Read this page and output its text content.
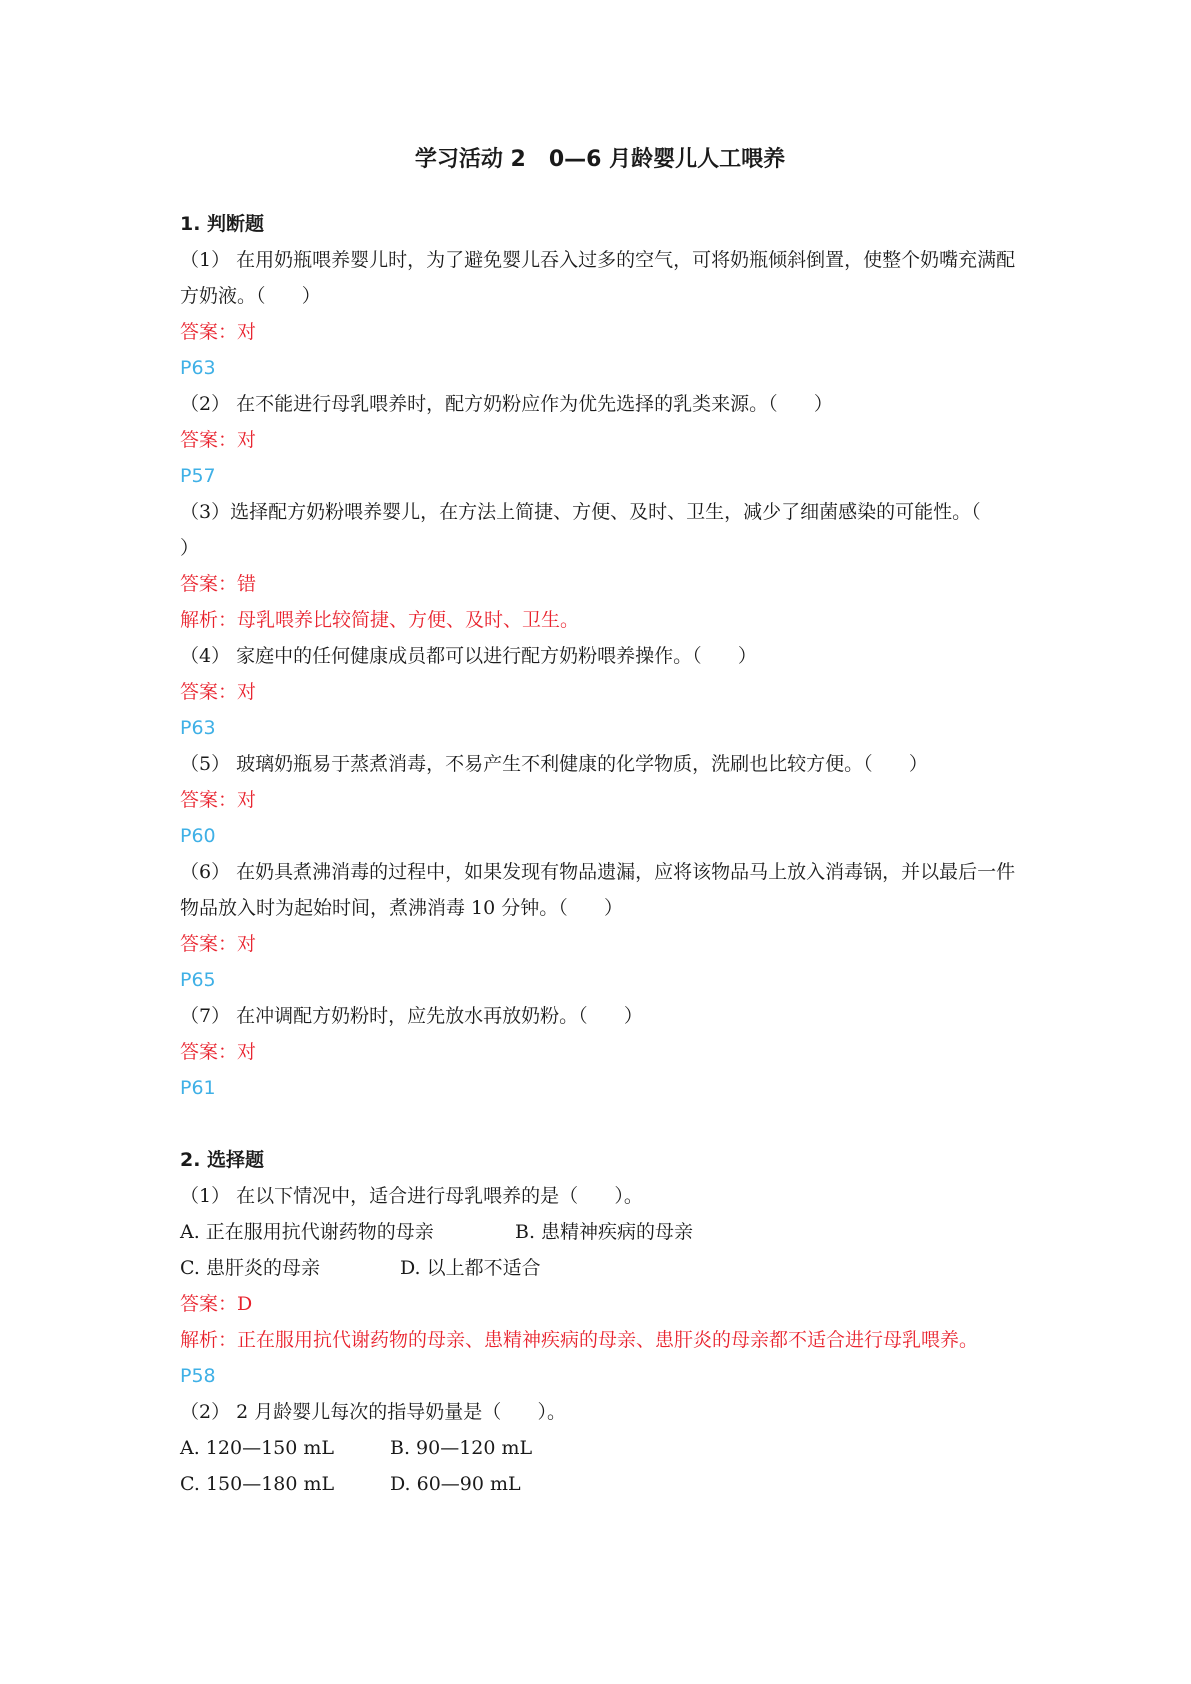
学习活动 2   0—6 月龄婴儿人工喂养
1. 判断题
（1） 在用奶瓶喂养婴儿时，为了避免婴儿吞入过多的空气，可将奶瓶倾斜倒置，使整个奶嘴充满配方奶液。（      ）
答案：对
P63
（2） 在不能进行母乳喂养时，配方奶粉应作为优先选择的乳类来源。（      ）
答案：对
P57
（3）选择配方奶粉喂养婴儿，在方法上简捷、方便、及时、卫生，减少了细菌感染的可能性。（      ）
答案：错
解析：母乳喂养比较简捷、方便、及时、卫生。
（4） 家庭中的任何健康成员都可以进行配方奶粉喂养操作。（      ）
答案：对
P63
（5） 玻璃奶瓶易于蒸煮消毒，不易产生不利健康的化学物质，洗刷也比较方便。（      ）
答案：对
P60
（6） 在奶具煮沸消毒的过程中，如果发现有物品遗漏，应将该物品马上放入消毒锅，并以最后一件物品放入时为起始时间，煮沸消毒 10 分钟。（      ）
答案：对
P65
（7） 在冲调配方奶粉时，应先放水再放奶粉。（      ）
答案：对
P61
2. 选择题
（1） 在以下情况中，适合进行母乳喂养的是（      ）。
A. 正在服用抗代谢药物的母亲	B. 患精神疾病的母亲
C. 患肝炎的母亲	D. 以上都不适合
答案：D
解析：正在服用抗代谢药物的母亲、患精神疾病的母亲、患肝炎的母亲都不适合进行母乳喂养。
P58
（2） 2 月龄婴儿每次的指导奶量是（      ）。
A. 120—150 mL	B. 90—120 mL
C. 150—180 mL	D. 60—90 mL
